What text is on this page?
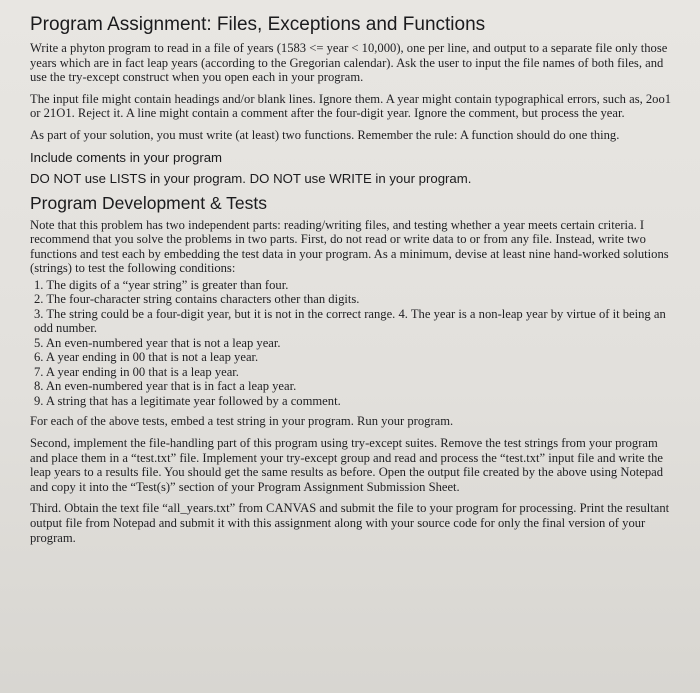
Program Assignment: Files, Exceptions and Functions

Write a phyton program to read in a file of years (1583 <= year < 10,000), one per line, and output to a separate file only those years which are in fact leap years (according to the Gregorian calendar). Ask the user to input the file names of both files, and use the try-except construct when you open each in your program.

The input file might contain headings and/or blank lines. Ignore them. A year might contain typographical errors, such as, 2oo1 or 21O1. Reject it. A line might contain a comment after the four-digit year. Ignore the comment, but process the year.

As part of your solution, you must write (at least) two functions. Remember the rule: A function should do one thing.

Include coments in your program

DO NOT use LISTS in your program. DO NOT use WRITE in your program.

Program Development & Tests

Note that this problem has two independent parts: reading/writing files, and testing whether a year meets certain criteria. I recommend that you solve the problems in two parts. First, do not read or write data to or from any file. Instead, write two functions and test each by embedding the test data in your program. As a minimum, devise at least nine hand-worked solutions (strings) to test the following conditions:

1. The digits of a “year string” is greater than four.
2. The four-character string contains characters other than digits.
3. The string could be a four-digit year, but it is not in the correct range. 4. The year is a non-leap year by virtue of it being an odd number.
5. An even-numbered year that is not a leap year.
6. A year ending in 00 that is not a leap year.
7. A year ending in 00 that is a leap year.
8. An even-numbered year that is in fact a leap year.
9. A string that has a legitimate year followed by a comment.

For each of the above tests, embed a test string in your program. Run your program.

Second, implement the file-handling part of this program using try-except suites. Remove the test strings from your program and place them in a “test.txt” file. Implement your try-except group and read and process the “test.txt” input file and write the leap years to a results file. You should get the same results as before. Open the output file created by the above using Notepad and copy it into the “Test(s)” section of your Program Assignment Submission Sheet.

Third. Obtain the text file “all_years.txt” from CANVAS and submit the file to your program for processing. Print the resultant output file from Notepad and submit it with this assignment along with your source code for only the final version of your program.
